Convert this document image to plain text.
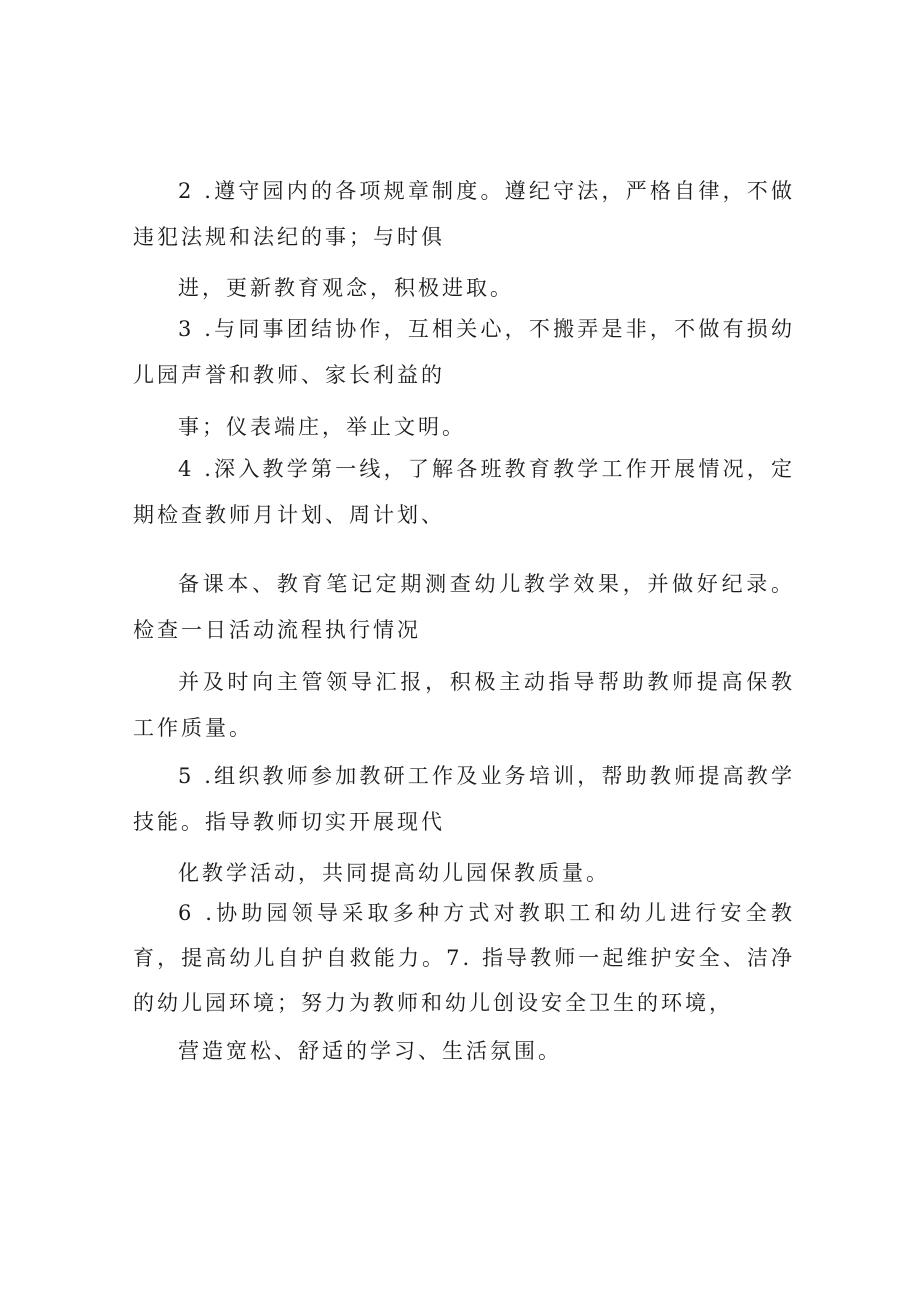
2 .遵守园内的各项规章制度。遵纪守法，严格自律，不做违犯法规和法纪的事；与时俱

进，更新教育观念，积极进取。

3 .与同事团结协作，互相关心，不搬弄是非，不做有损幼儿园声誉和教师、家长利益的

事；仪表端庄，举止文明。

4 .深入教学第一线，了解各班教育教学工作开展情况，定期检查教师月计划、周计划、

备课本、教育笔记定期测查幼儿教学效果，并做好纪录。检查一日活动流程执行情况

并及时向主管领导汇报，积极主动指导帮助教师提高保教工作质量。

5 .组织教师参加教研工作及业务培训，帮助教师提高教学技能。指导教师切实开展现代

化教学活动，共同提高幼儿园保教质量。

6 .协助园领导采取多种方式对教职工和幼儿进行安全教育，提高幼儿自护自救能力。7. 指导教师一起维护安全、洁净的幼儿园环境；努力为教师和幼儿创设安全卫生的环境，

营造宽松、舒适的学习、生活氛围。
